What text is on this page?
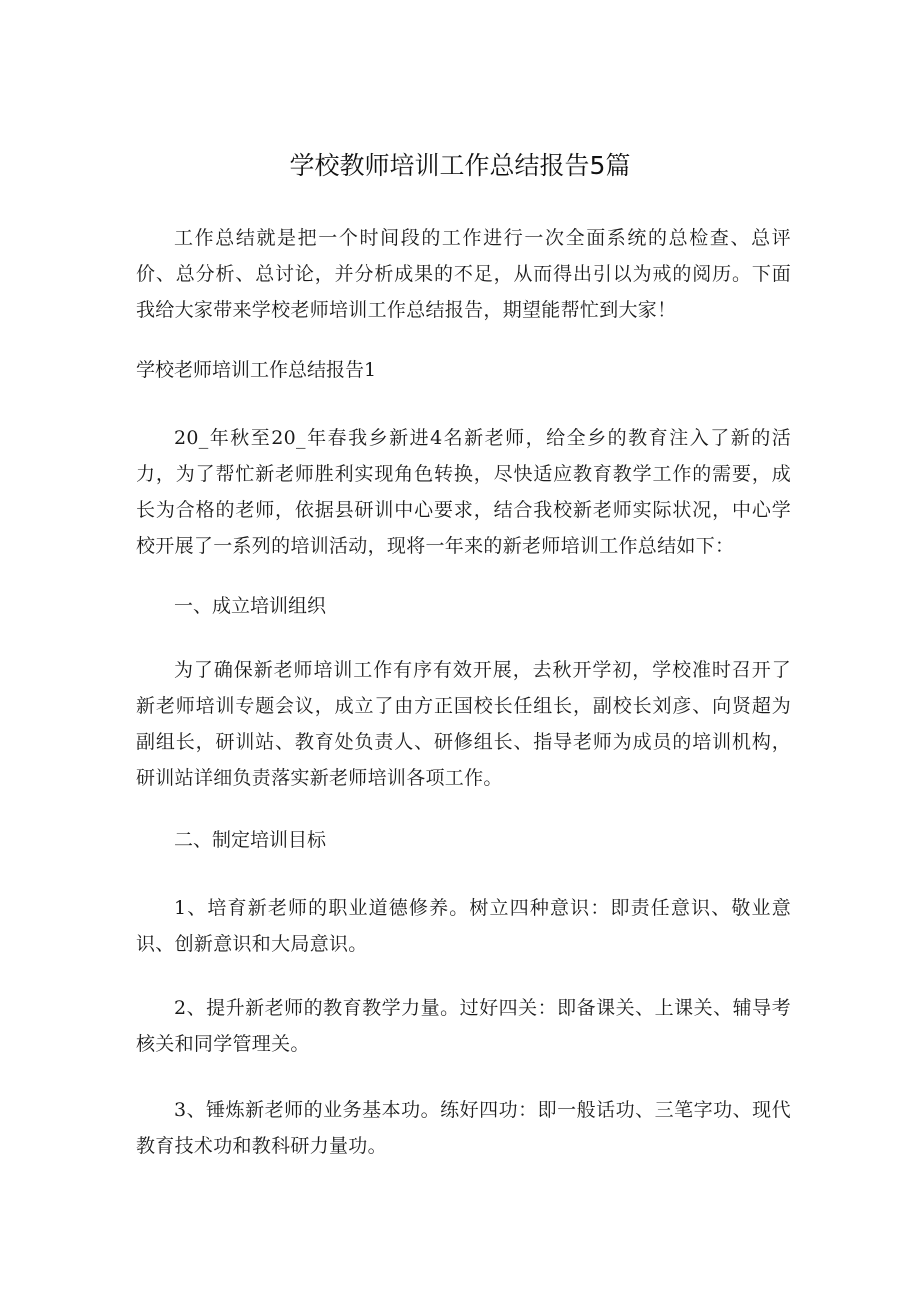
学校教师培训工作总结报告5篇

工作总结就是把一个时间段的工作进行一次全面系统的总检查、总评价、总分析、总讨论，并分析成果的不足，从而得出引以为戒的阅历。下面我给大家带来学校老师培训工作总结报告，期望能帮忙到大家！

学校老师培训工作总结报告1

20_年秋至20_年春我乡新进4名新老师，给全乡的教育注入了新的活力，为了帮忙新老师胜利实现角色转换，尽快适应教育教学工作的需要，成长为合格的老师，依据县研训中心要求，结合我校新老师实际状况，中心学校开展了一系列的培训活动，现将一年来的新老师培训工作总结如下：

一、成立培训组织

为了确保新老师培训工作有序有效开展，去秋开学初，学校准时召开了新老师培训专题会议，成立了由方正国校长任组长，副校长刘彦、向贤超为副组长，研训站、教育处负责人、研修组长、指导老师为成员的培训机构，研训站详细负责落实新老师培训各项工作。

二、制定培训目标

1、培育新老师的职业道德修养。树立四种意识：即责任意识、敬业意识、创新意识和大局意识。

2、提升新老师的教育教学力量。过好四关：即备课关、上课关、辅导考核关和同学管理关。

3、锤炼新老师的业务基本功。练好四功：即一般话功、三笔字功、现代教育技术功和教科研力量功。
